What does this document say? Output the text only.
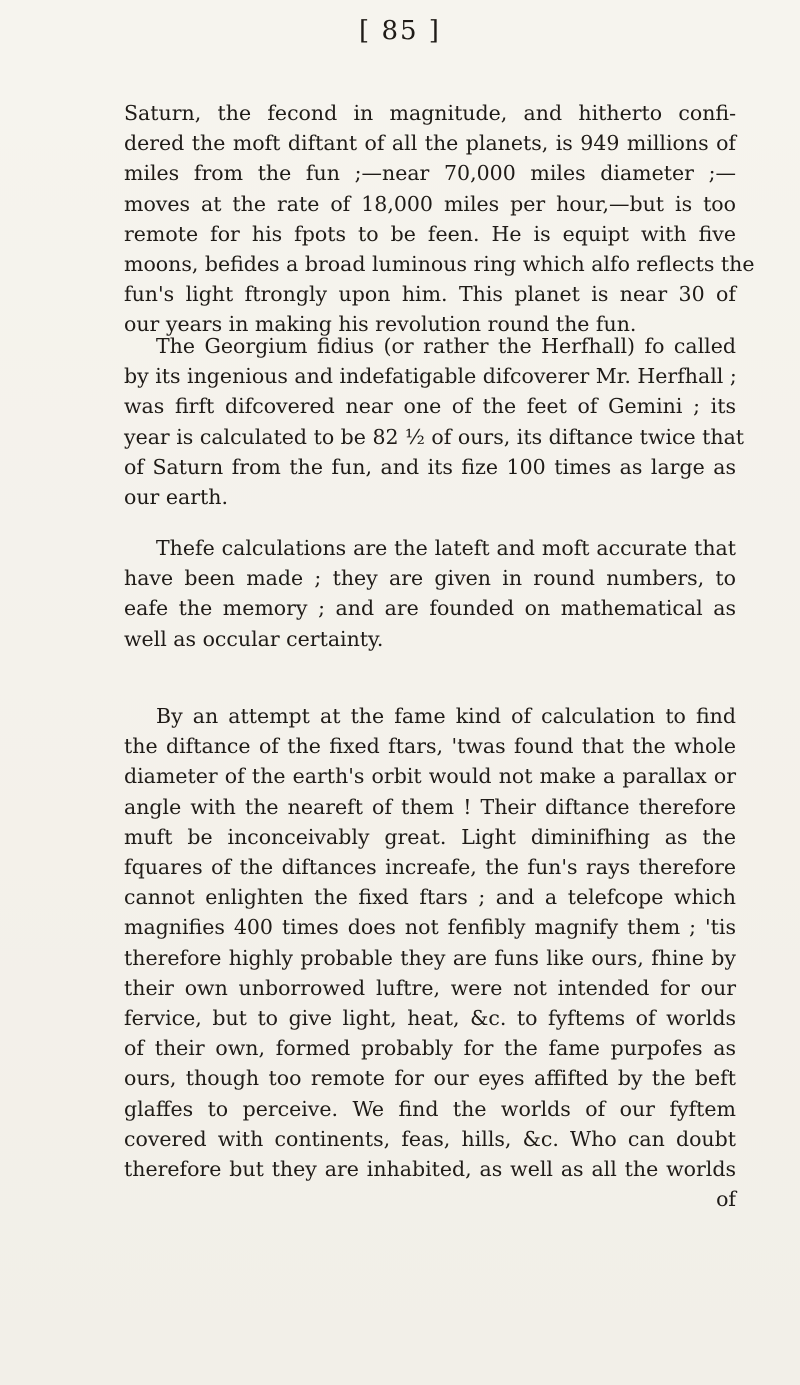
[ 85 ]
Saturn, the fecond in magnitude, and hitherto confi-
dered the moft diftant of all the planets, is 949 millions of
miles from the fun ;—near 70,000 miles diameter ;—
moves at the rate of 18,000 miles per hour,—but is too
remote for his fpots to be feen. He is equipt with five
moons, befides a broad luminous ring which alfo reflects the
fun's light ftrongly upon him. This planet is near 30 of
our years in making his revolution round the fun.
The Georgium fidius (or rather the Herfhall) fo called
by its ingenious and indefatigable difcoverer Mr. Herfhall ;
was firft difcovered near one of the feet of Gemini ; its
year is calculated to be 82 ½ of ours, its diftance twice that
of Saturn from the fun, and its fize 100 times as large as
our earth.
Thefe calculations are the lateft and moft accurate that
have been made ; they are given in round numbers, to
eafe the memory ; and are founded on mathematical as
well as occular certainty.
By an attempt at the fame kind of calculation to find
the diftance of the fixed ftars, 'twas found that the whole
diameter of the earth's orbit would not make a parallax or
angle with the neareft of them ! Their diftance therefore
muft be inconceivably great. Light diminifhing as the
fquares of the diftances increafe, the fun's rays therefore
cannot enlighten the fixed ftars ; and a telefcope which
magnifies 400 times does not fenfibly magnify them ; 'tis
therefore highly probable they are funs like ours, fhine by
their own unborrowed luftre, were not intended for our
fervice, but to give light, heat, &c. to fyftems of worlds
of their own, formed probably for the fame purpofes as
ours, though too remote for our eyes affifted by the beft
glaffes to perceive. We find the worlds of our fyftem
covered with continents, feas, hills, &c. Who can doubt
therefore but they are inhabited, as well as all the worlds
of
